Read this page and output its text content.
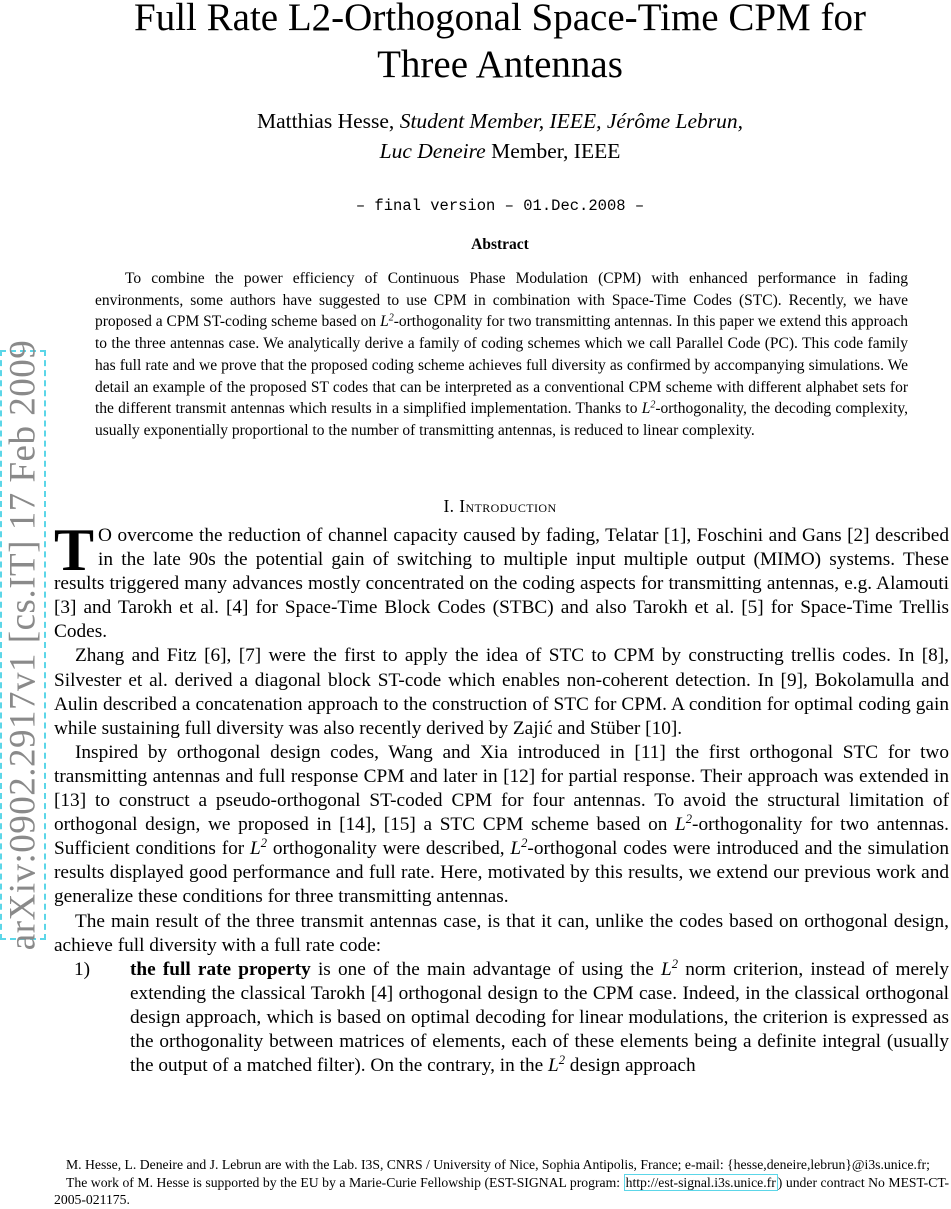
arXiv:0902.2917v1 [cs.IT] 17 Feb 2009
Full Rate L2-Orthogonal Space-Time CPM for
Three Antennas
Matthias Hesse, Student Member, IEEE, Jérôme Lebrun,
Luc Deneire Member, IEEE
– final version – 01.Dec.2008 –
Abstract
To combine the power efficiency of Continuous Phase Modulation (CPM) with enhanced performance in fading environments, some authors have suggested to use CPM in combination with Space-Time Codes (STC). Recently, we have proposed a CPM ST-coding scheme based on $L^2$-orthogonality for two transmitting antennas. In this paper we extend this approach to the three antennas case. We analytically derive a family of coding schemes which we call Parallel Code (PC). This code family has full rate and we prove that the proposed coding scheme achieves full diversity as confirmed by accompanying simulations. We detail an example of the proposed ST codes that can be interpreted as a conventional CPM scheme with different alphabet sets for the different transmit antennas which results in a simplified implementation. Thanks to $L^2$-orthogonality, the decoding complexity, usually exponentially proportional to the number of transmitting antennas, is reduced to linear complexity.
I. Introduction

T O overcome the reduction of channel capacity caused by fading, Telatar [1], Foschini and Gans [2] described in the late 90s the potential gain of switching to multiple input multiple output (MIMO) systems. These results triggered many advances mostly concentrated on the coding aspects for transmitting antennas, e.g. Alamouti [3] and Tarokh et al. [4] for Space-Time Block Codes (STBC) and also Tarokh et al. [5] for Space-Time Trellis Codes.

Zhang and Fitz [6], [7] were the first to apply the idea of STC to CPM by constructing trellis codes. In [8], Silvester et al. derived a diagonal block ST-code which enables non-coherent detection. In [9], Bokolamulla and Aulin described a concatenation approach to the construction of STC for CPM. A condition for optimal coding gain while sustaining full diversity was also recently derived by Zajić and Stüber [10].

Inspired by orthogonal design codes, Wang and Xia introduced in [11] the first orthogonal STC for two transmitting antennas and full response CPM and later in [12] for partial response. Their approach was extended in [13] to construct a pseudo-orthogonal ST-coded CPM for four antennas. To avoid the structural limitation of orthogonal design, we proposed in [14], [15] a STC CPM scheme based on $L^2$-orthogonality for two antennas. Sufficient conditions for $L^2$ orthogonality were described, $L^2$-orthogonal codes were introduced and the simulation results displayed good performance and full rate. Here, motivated by this results, we extend our previous work and generalize these conditions for three transmitting antennas.

The main result of the three transmit antennas case, is that it can, unlike the codes based on orthogonal design, achieve full diversity with a full rate code:

1) the full rate property is one of the main advantage of using the $L^2$ norm criterion, instead of merely extending the classical Tarokh [4] orthogonal design to the CPM case. Indeed, in the classical orthogonal design approach, which is based on optimal decoding for linear modulations, the criterion is expressed as the orthogonality between matrices of elements, each of these elements being a definite integral (usually the output of a matched filter). On the contrary, in the $L^2$ design approach

M. Hesse, L. Deneire and J. Lebrun are with the Lab. I3S, CNRS / University of Nice, Sophia Antipolis, France; e-mail: {hesse,deneire,lebrun}@i3s.unice.fr;

The work of M. Hesse is supported by the EU by a Marie-Curie Fellowship (EST-SIGNAL program: http://est-signal.i3s.unice.fr ) under contract No MEST-CT-2005-021175.
